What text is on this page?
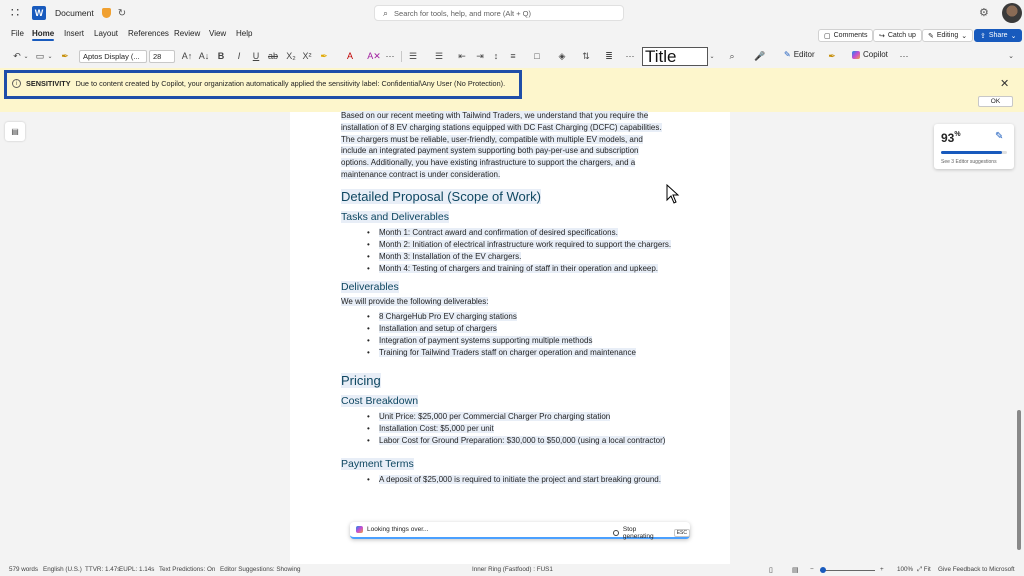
∷	W	Document ↻	⌕ Search for tools, help, and more (Alt + Q)	⚙
File Home Insert Layout References Review View Help	▢ Comments ↪ Catch up ✎ Editing ⌄ ⇪ Share ⌄
↶ ⌄ ▭ ⌄ ✒ Aptos Display (... 28 A↑ A↓ B	I	U ab X₂ X² ✒	A	A✕ ⋯ ☰ ☰ ⇤ ⇥	↕	≡	□	◈ ⇅ ≣ ⋯ Title	⌄	⌕	🎤 ✎ Editor ✒	Copilot ⋯	⌄
i	SENSITIVITY Due to content created by Copilot, your organization automatically applied the sensitivity label: Confidential\Any User (No Protection).	✕
OK
▤
Based on our recent meeting with Tailwind Traders, we understand that you require the
installation of 8 EV charging stations equipped with DC Fast Charging (DCFC) capabilities.
The chargers must be reliable, user-friendly, compatible with multiple EV models, and
include an integrated payment system supporting both pay-per-use and subscription
options. Additionally, you have existing infrastructure to support the chargers, and a
maintenance contract is under consideration.
Detailed Proposal (Scope of Work)
Tasks and Deliverables
• Month 1: Contract award and confirmation of desired specifications.
• Month 2: Initiation of electrical infrastructure work required to support the chargers.
• Month 3: Installation of the EV chargers.
• Month 4: Testing of chargers and training of staff in their operation and upkeep.
Deliverables
We will provide the following deliverables:
• 8 ChargeHub Pro EV charging stations
• Installation and setup of chargers
• Integration of payment systems supporting multiple methods
• Training for Tailwind Traders staff on charger operation and maintenance
Pricing
Cost Breakdown
• Unit Price: $25,000 per Commercial Charger Pro charging station
• Installation Cost: $5,000 per unit
• Labor Cost for Ground Preparation: $30,000 to $50,000 (using a local contractor)
Payment Terms
• A deposit of $25,000 is required to initiate the project and start breaking ground.
93%	✎
See 3 Editor suggestions
Looking things over...	Stop generating	ESC
579 words English (U.S.) TTVR: 1.47s
EUPL: 1.14s Text Predictions: On Editor Suggestions: Showing	Inner Ring (Fastfood) : FUS1	▯	▤ −	+ 100% ⤢ Fit Give Feedback to Microsoft
